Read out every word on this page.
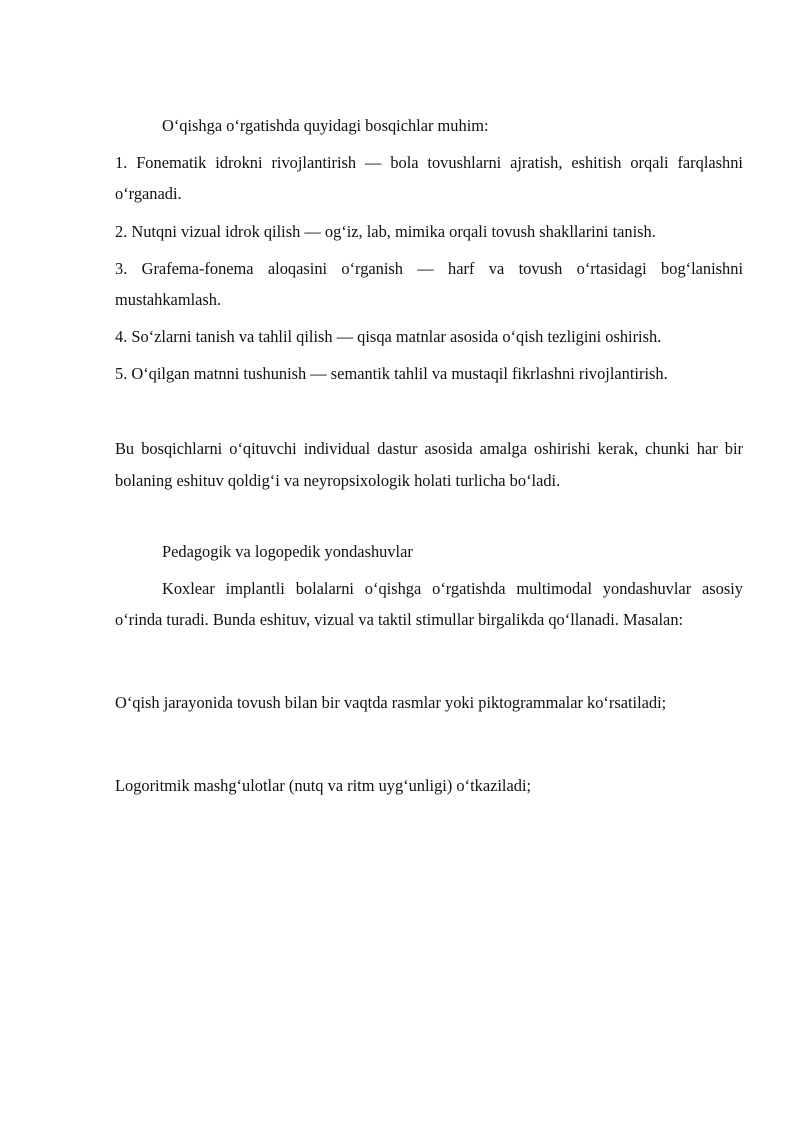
O‘qishga o‘rgatishda quyidagi bosqichlar muhim:

1. Fonematik idrokni rivojlantirish — bola tovushlarni ajratish, eshitish orqali farqlashni o‘rganadi.

2. Nutqni vizual idrok qilish — og‘iz, lab, mimika orqali tovush shakllarini tanish.

3. Grafema-fonema aloqasini o‘rganish — harf va tovush o‘rtasidagi bog‘lanishni mustahkamlash.

4. So‘zlarni tanish va tahlil qilish — qisqa matnlar asosida o‘qish tezligini oshirish.

5. O‘qilgan matnni tushunish — semantik tahlil va mustaqil fikrlashni rivojlantirish.

Bu bosqichlarni o‘qituvchi individual dastur asosida amalga oshirishi kerak, chunki har bir bolaning eshituv qoldig‘i va neyropsixologik holati turlicha bo‘ladi.

Pedagogik va logopedik yondashuvlar

Koxlear implantli bolalarni o‘qishga o‘rgatishda multimodal yondashuvlar asosiy o‘rinda turadi. Bunda eshituv, vizual va taktil stimullar birgalikda qo‘llanadi. Masalan:

O‘qish jarayonida tovush bilan bir vaqtda rasmlar yoki piktogrammalar ko‘rsatiladi;

Logoritmik mashg‘ulotlar (nutq va ritm uyg‘unligi) o‘tkaziladi;
